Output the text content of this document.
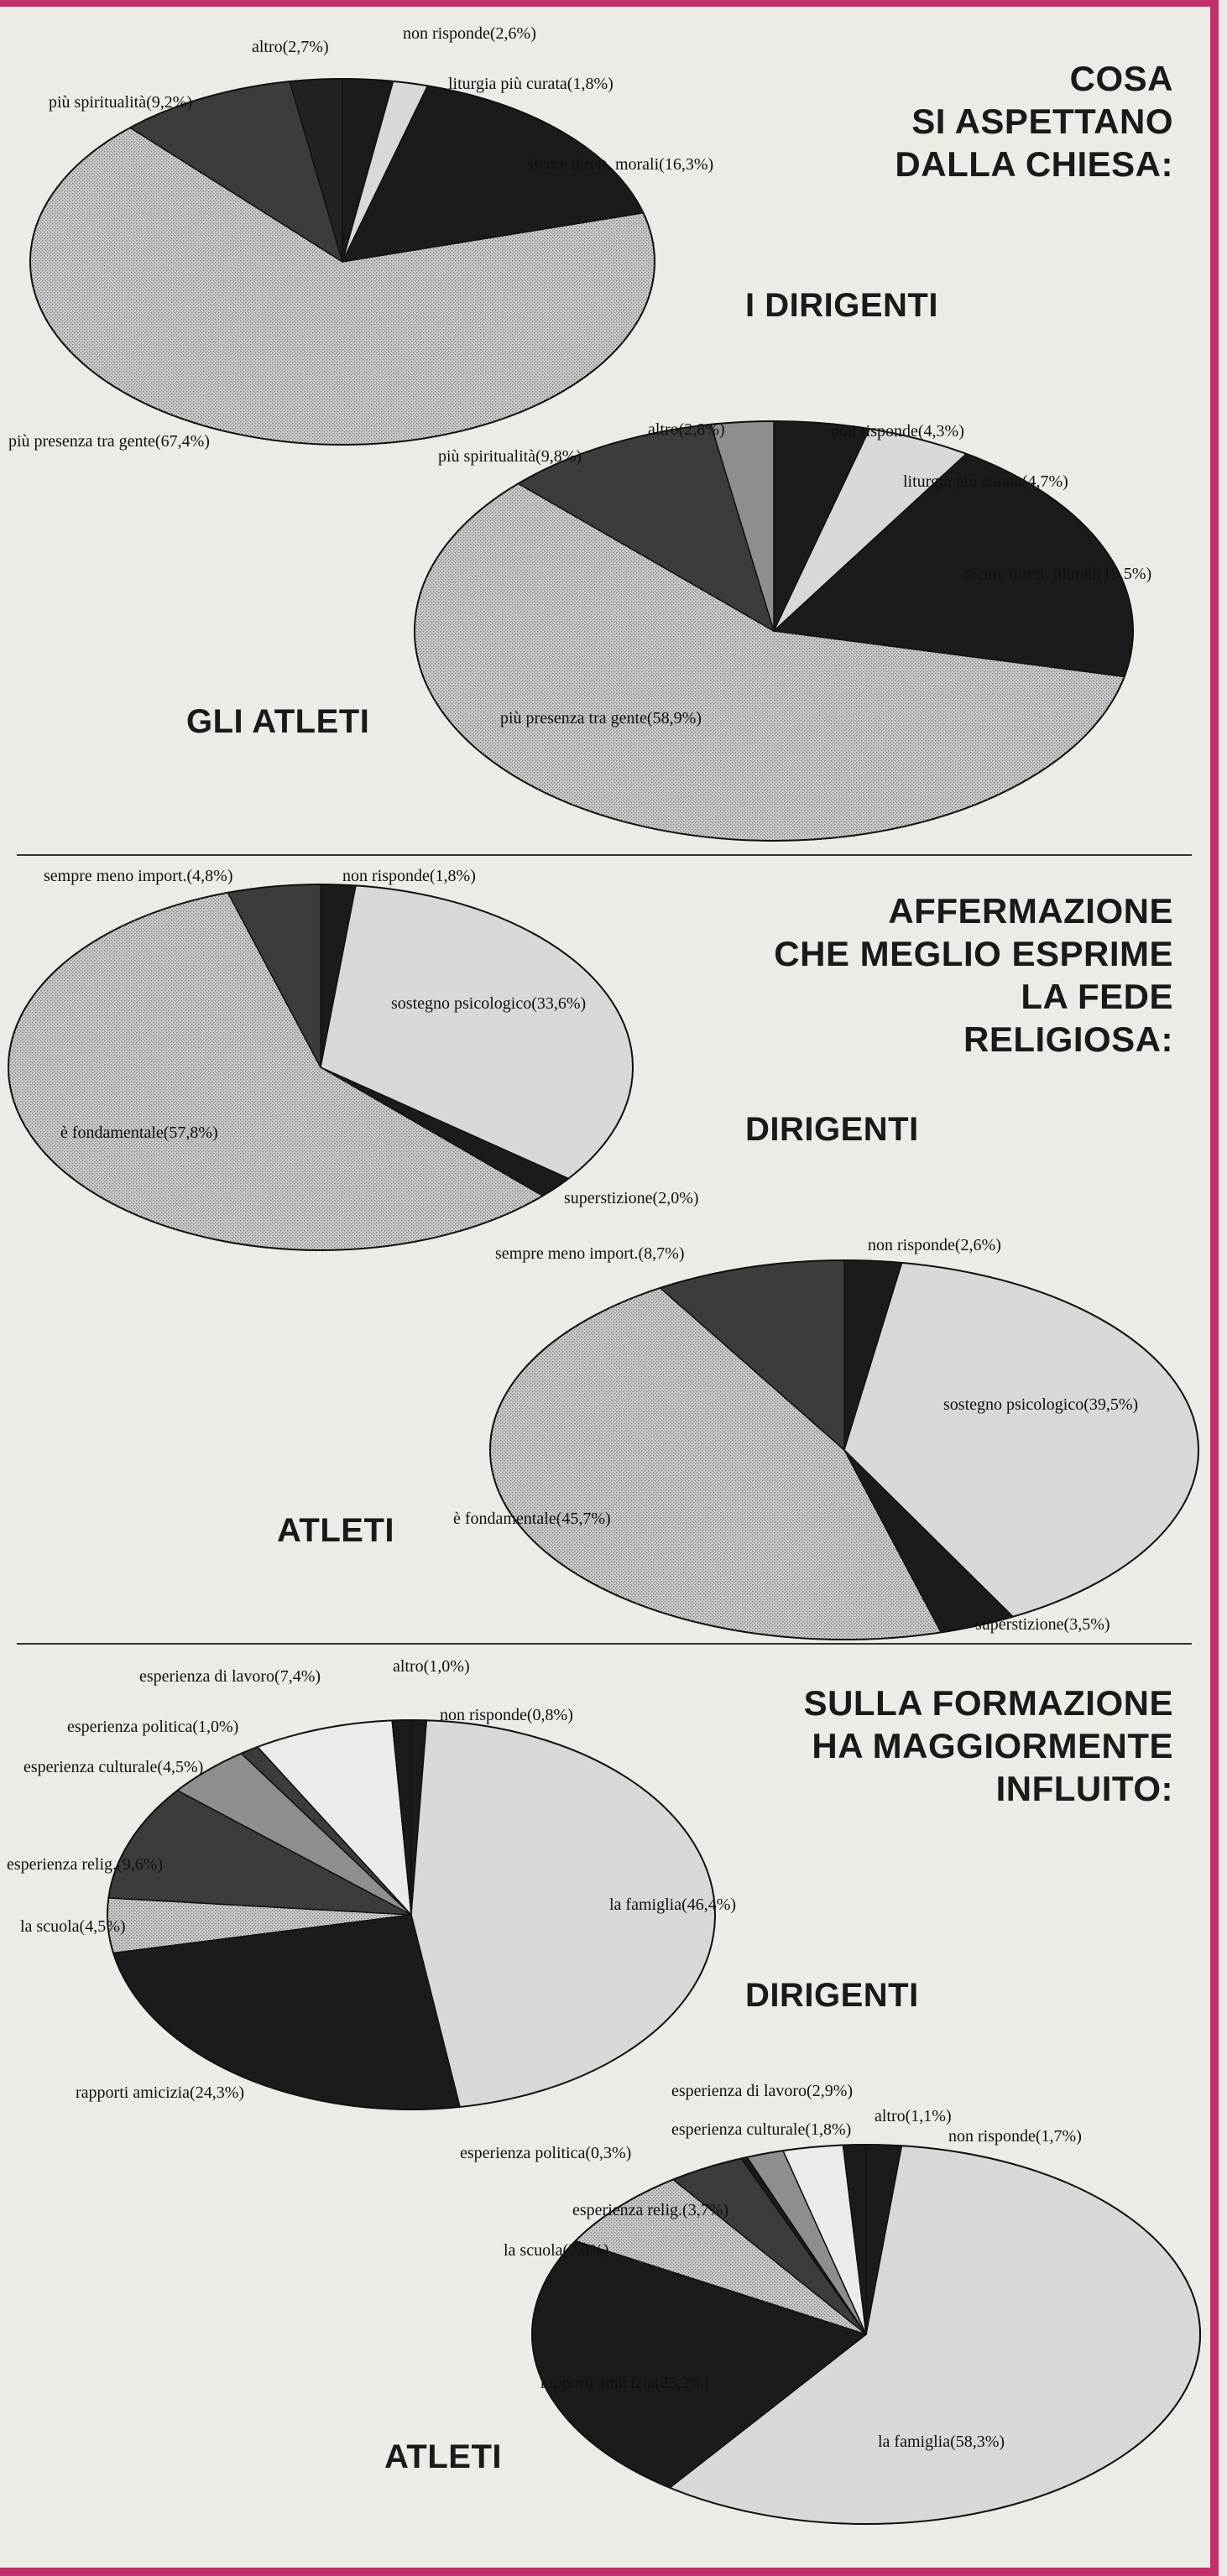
non risponde(2,6%)
liturgia più curata(1,8%)
sicure dirett. morali(16,3%)
più presenza tra gente(67,4%)
più spiritualità(9,2%)
altro(2,7%)
non risponde(4,3%)
liturgia più curata(4,7%)
sicure dirett. morali(19,5%)
più presenza tra gente(58,9%)
più spiritualità(9,8%)
altro(2,8%)
non risponde(1,8%)
sostegno psicologico(33,6%)
superstizione(2,0%)
è fondamentale(57,8%)
sempre meno import.(4,8%)
non risponde(2,6%)
sostegno psicologico(39,5%)
superstizione(3,5%)
è fondamentale(45,7%)
sempre meno import.(8,7%)
non risponde(0,8%)
la famiglia(46,4%)
rapporti amicizia(24,3%)
la scuola(4,5%)
esperienza relig.(9,6%)
esperienza culturale(4,5%)
esperienza politica(1,0%)
esperienza di lavoro(7,4%)
altro(1,0%)
non risponde(1,7%)
la famiglia(58,3%)
rapporti amicizia(23,2%)
la scuola(7,0%)
esperienza relig.(3,7%)
esperienza politica(0,3%)
esperienza culturale(1,8%)
esperienza di lavoro(2,9%)
altro(1,1%)
COSA
SI ASPETTANO
DALLA CHIESA:
I DIRIGENTI
GLI ATLETI
AFFERMAZIONE
CHE MEGLIO ESPRIME
LA FEDE
RELIGIOSA:
DIRIGENTI
ATLETI
SULLA FORMAZIONE
HA MAGGIORMENTE
INFLUITO:
DIRIGENTI
ATLETI
